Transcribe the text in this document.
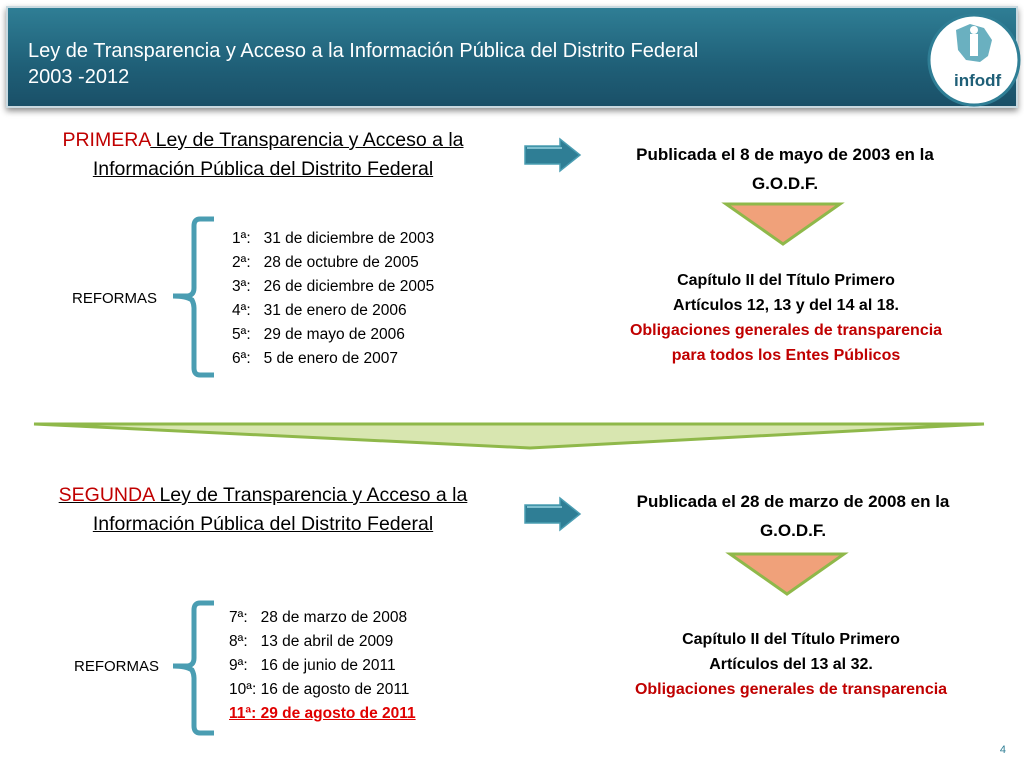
Ley de Transparencia y Acceso a la Información Pública del Distrito Federal
2003 -2012	infodf
PRIMERA Ley de Transparencia y Acceso a la
Información Pública del Distrito Federal
Publicada el 8 de mayo de 2003 en la
G.O.D.F.
REFORMAS
1ª:   31 de diciembre de 2003
2ª:   28 de octubre de 2005
3ª:   26 de diciembre de 2005
4ª:   31 de enero de 2006
5ª:   29 de mayo de 2006
6ª:   5 de enero de 2007
Capítulo II del Título Primero
Artículos 12, 13 y del 14 al 18.
Obligaciones generales de transparencia
para todos los Entes Públicos
SEGUNDA Ley de Transparencia y Acceso a la
Información Pública del Distrito Federal
Publicada el 28 de marzo de 2008 en la
G.O.D.F.
REFORMAS
7ª:   28 de marzo de 2008
8ª:   13 de abril de 2009
9ª:   16 de junio de 2011
10ª: 16 de agosto de 2011
11ª: 29 de agosto de 2011
Capítulo II del Título Primero
Artículos del 13 al 32.
Obligaciones generales de transparencia
4
